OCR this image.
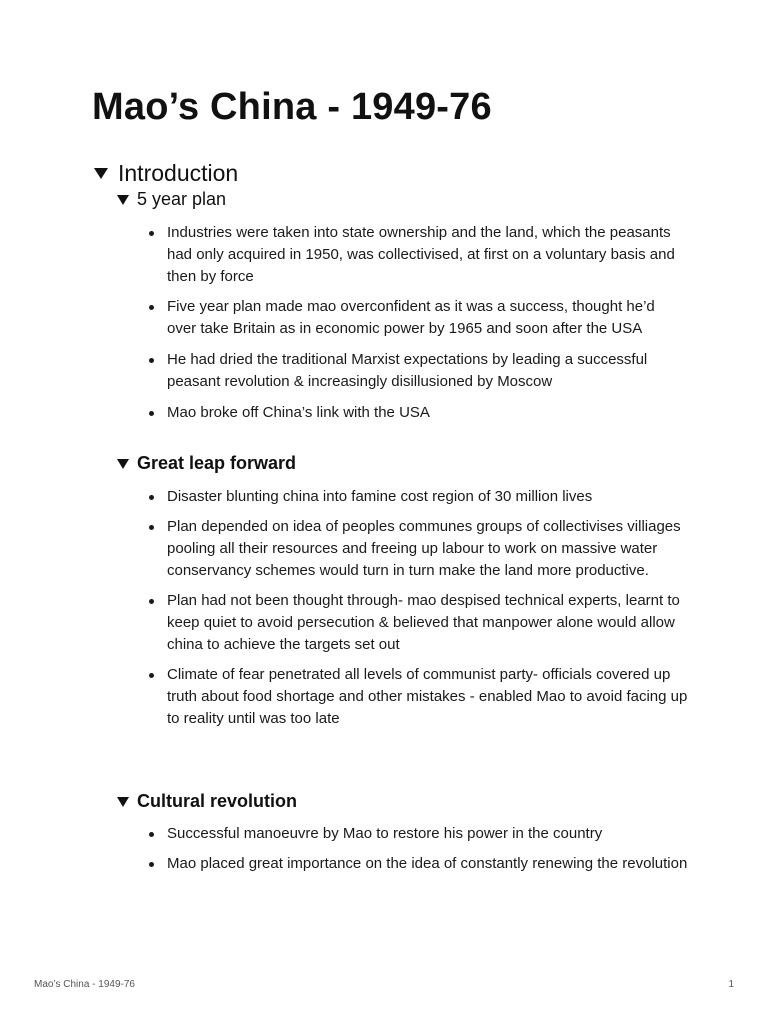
Mao’s China - 1949-76
Introduction
5 year plan
Industries were taken into state ownership and the land, which the peasants had only acquired in 1950, was collectivised, at first on a voluntary basis and then by force
Five year plan made mao overconfident as it was a success, thought he’d over take Britain as in economic power by 1965 and soon after the USA
He had dried the traditional Marxist expectations by leading a successful peasant revolution & increasingly disillusioned by Moscow
Mao broke off China’s link with the USA
Great leap forward
Disaster blunting china into famine cost region of 30 million lives
Plan depended on idea of peoples communes groups of collectivises villiages pooling all their resources and freeing up labour to work on massive water conservancy schemes would turn in turn make the land more productive.
Plan had not been thought through- mao despised technical experts, learnt to keep quiet to avoid persecution & believed that manpower alone would allow china to achieve the targets set out
Climate of fear penetrated all levels of communist party- officials covered up truth about food shortage and other mistakes - enabled Mao to avoid facing up to reality until was too late
Cultural revolution
Successful manoeuvre by Mao to restore his power in the country
Mao placed great importance on the idea of constantly renewing the revolution
Mao’s China - 1949-76	1
